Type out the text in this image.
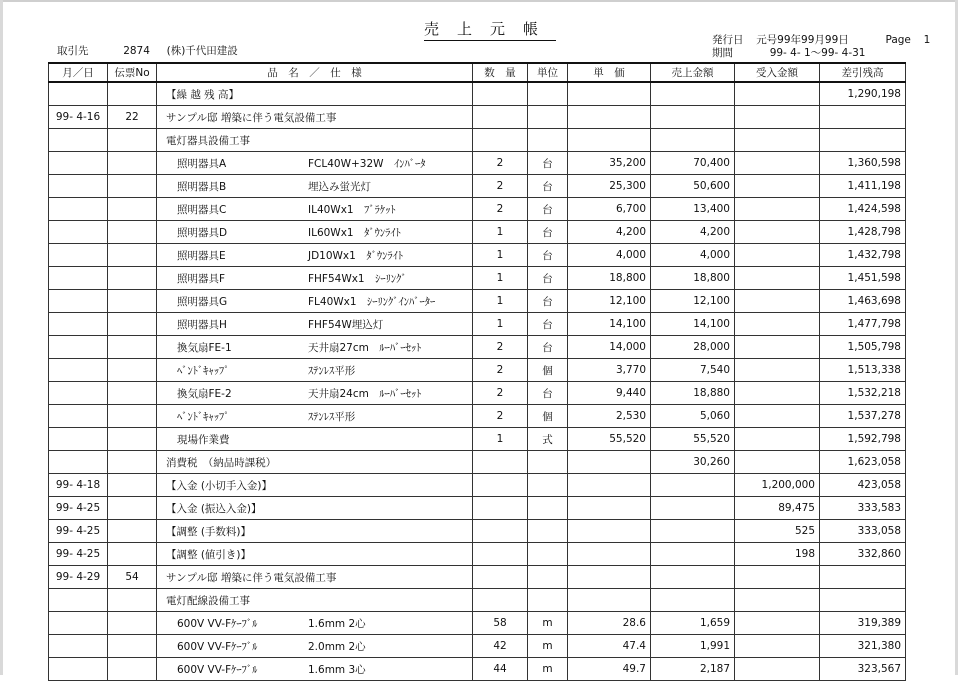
売上元帳
取引先	2874 (株)千代田建設
発行日 元号99年99月99日	Page 1
期間	99- 4- 1～99- 4-31
月／日	伝票No	品　名　／　仕　様	数　量	単位	単　価	売上金額	受入金額	差引残高

		【繰 越 残 高】						1,290,198
99- 4-16	22	サンプル邸 増築に伴う電気設備工事						

		電灯器具設備工事						

		照明器具A FCL40W+32W　ｲﾝﾊﾞｰﾀ	2	台	35,200	70,400		1,360,598

		照明器具B 埋込み蛍光灯	2	台	25,300	50,600		1,411,198

		照明器具C IL40Wx1　ﾌﾞﾗｹｯﾄ	2	台	6,700	13,400		1,424,598

		照明器具D IL60Wx1　ﾀﾞｳﾝﾗｲﾄ	1	台	4,200	4,200		1,428,798

		照明器具E JD10Wx1　ﾀﾞｳﾝﾗｲﾄ	1	台	4,000	4,000		1,432,798

		照明器具F FHF54Wx1　ｼｰﾘﾝｸﾞ	1	台	18,800	18,800		1,451,598

		照明器具G FL40Wx1　ｼｰﾘﾝｸﾞｲﾝﾊﾞｰﾀｰ	1	台	12,100	12,100		1,463,698

		照明器具H FHF54W埋込灯	1	台	14,100	14,100		1,477,798

		換気扇FE-1 天井扇27cm　ﾙｰﾊﾞｰｾｯﾄ	2	台	14,000	28,000		1,505,798

		ﾍﾞﾝﾄﾞｷｬｯﾌﾟ ｽﾃﾝﾚｽ平形	2	個	3,770	7,540		1,513,338

		換気扇FE-2 天井扇24cm　ﾙｰﾊﾞｰｾｯﾄ	2	台	9,440	18,880		1,532,218

		ﾍﾞﾝﾄﾞｷｬｯﾌﾟ ｽﾃﾝﾚｽ平形	2	個	2,530	5,060		1,537,278

		現場作業費	1	式	55,520	55,520		1,592,798

		消費税　（納品時課税）				30,260		1,623,058
99- 4-18		【入金 (小切手入金)】					1,200,000	423,058
99- 4-25		【入金 (振込入金)】					89,475	333,583
99- 4-25		【調整 (手数料)】					525	333,058
99- 4-25		【調整 (値引き)】					198	332,860
99- 4-29	54	サンプル邸 増築に伴う電気設備工事						

		電灯配線設備工事						

		600V VV-Fｹｰﾌﾞﾙ 1.6mm 2心	58	m	28.6	1,659		319,389

		600V VV-Fｹｰﾌﾞﾙ 2.0mm 2心	42	m	47.4	1,991		321,380

		600V VV-Fｹｰﾌﾞﾙ 1.6mm 3心	44	m	49.7	2,187		323,567
